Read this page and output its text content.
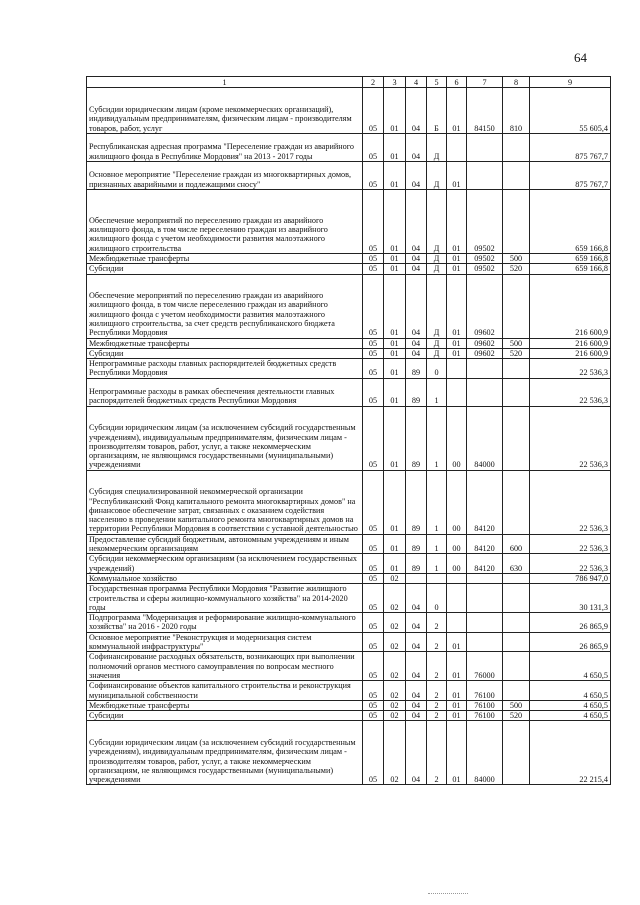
64
1	2	3	4	5	6	7	8	9
Субсидии юридическим лицам (кроме некоммерческих организаций), индивидуальным предпринимателям, физическим лицам - производителям товаров, работ, услуг	05	01	04	Б	01	84150	810	55 605,4
Республиканская адресная программа "Переселение граждан из аварийного жилищного фонда в Республике Мордовия" на 2013 - 2017 годы	05	01	04	Д				875 767,7
Основное мероприятие "Переселение граждан из многоквартирных домов, признанных аварийными и подлежащими сносу"	05	01	04	Д	01			875 767,7
Обеспечение мероприятий по переселению граждан из аварийного жилищного фонда, в том числе переселению граждан из аварийного жилищного фонда с учетом необходимости развития малоэтажного жилищного строительства	05	01	04	Д	01	09502		659 166,8
Межбюджетные трансферты	05	01	04	Д	01	09502	500	659 166,8
Субсидии	05	01	04	Д	01	09502	520	659 166,8
Обеспечение мероприятий по переселению граждан из аварийного жилищного фонда, в том числе переселению граждан из аварийного жилищного фонда с учетом необходимости развития малоэтажного жилищного строительства, за счет средств республиканского бюджета Республики Мордовия	05	01	04	Д	01	09602		216 600,9
Межбюджетные трансферты	05	01	04	Д	01	09602	500	216 600,9
Субсидии	05	01	04	Д	01	09602	520	216 600,9
Непрограммные расходы главных распорядителей бюджетных средств Республики Мордовия	05	01	89	0				22 536,3
Непрограммные расходы в рамках обеспечения деятельности главных распорядителей бюджетных средств Республики Мордовия	05	01	89	1				22 536,3
Субсидии юридическим лицам (за исключением субсидий государственным учреждениям), индивидуальным предпринимателям, физическим лицам - производителям товаров, работ, услуг, а также некоммерческим организациям, не являющимся государственными (муниципальными) учреждениями	05	01	89	1	00	84000		22 536,3
Субсидия специализированной некоммерческой организации "Республиканский Фонд капитального ремонта многоквартирных домов" на финансовое обеспечение затрат, связанных с оказанием содействия населению в проведении капитального ремонта многоквартирных домов на территории Республики Мордовия в соответствии с уставной деятельностью	05	01	89	1	00	84120		22 536,3
Предоставление субсидий бюджетным, автономным учреждениям и иным некоммерческим организациям	05	01	89	1	00	84120	600	22 536,3
Субсидии некоммерческим организациям (за исключением государственных учреждений)	05	01	89	1	00	84120	630	22 536,3
Коммунальное хозяйство	05	02						786 947,0
Государственная программа Республики Мордовия "Развитие жилищного строительства и сферы жилищно-коммунального хозяйства" на 2014-2020 годы	05	02	04	0				30 131,3
Подпрограмма "Модернизация и реформирование жилищно-коммунального хозяйства" на 2016 - 2020 годы	05	02	04	2				26 865,9
Основное мероприятие "Реконструкция и модернизация систем коммунальной инфраструктуры"	05	02	04	2	01			26 865,9
Софинансирование расходных обязательств, возникающих при выполнении полномочий органов местного самоуправления по вопросам местного значения	05	02	04	2	01	76000		4 650,5
Софинансирование объектов капитального строительства и реконструкция муниципальной собственности	05	02	04	2	01	76100		4 650,5
Межбюджетные трансферты	05	02	04	2	01	76100	500	4 650,5
Субсидии	05	02	04	2	01	76100	520	4 650,5
Субсидии юридическим лицам (за исключением субсидий государственным учреждениям), индивидуальным предпринимателям, физическим лицам - производителям товаров, работ, услуг, а также некоммерческим организациям, не являющимся государственными (муниципальными) учреждениями	05	02	04	2	01	84000		22 215,4
